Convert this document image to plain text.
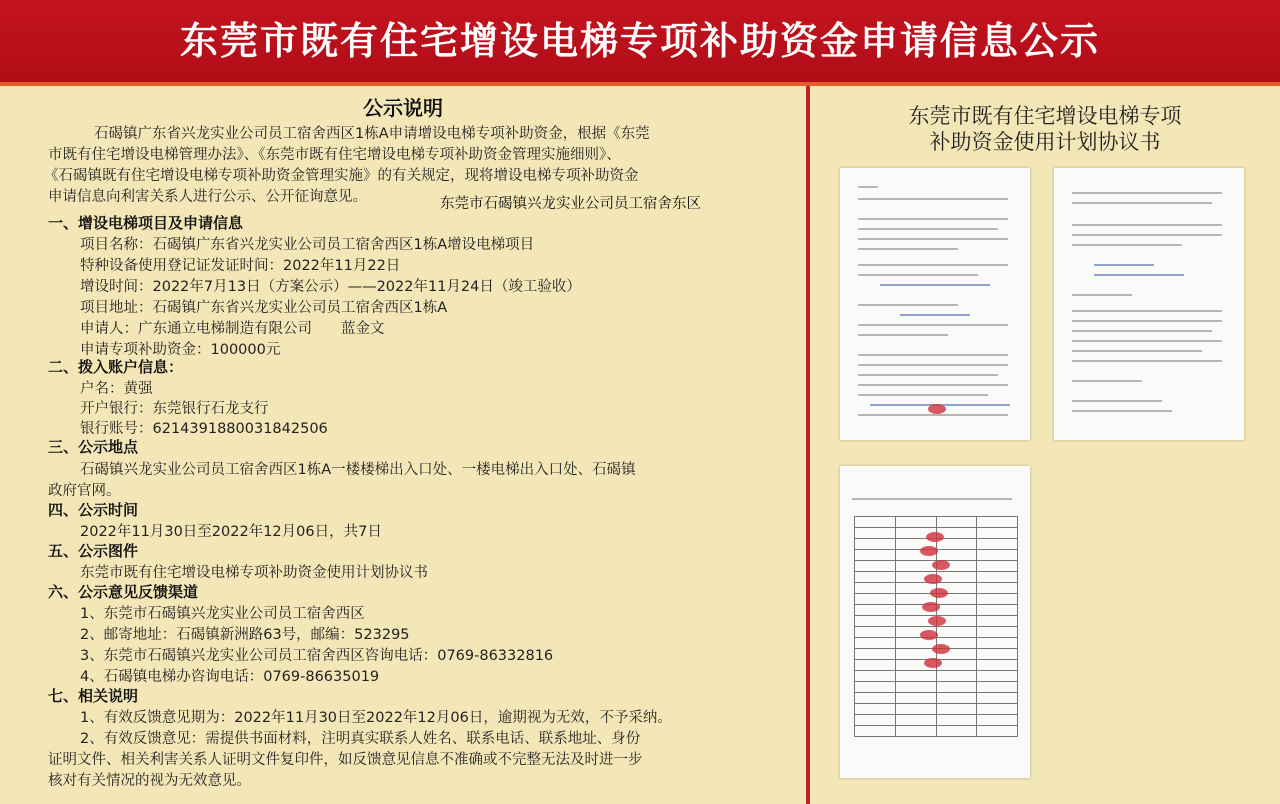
东莞市既有住宅增设电梯专项补助资金申请信息公示
公示说明
石碣镇广东省兴龙实业公司员工宿舍西区1栋A申请增设电梯专项补助资金，根据《东莞
市既有住宅增设电梯管理办法》、《东莞市既有住宅增设电梯专项补助资金管理实施细则》、
《石碣镇既有住宅增设电梯专项补助资金管理实施》的有关规定，现将增设电梯专项补助资金
申请信息向利害关系人进行公示、公开征询意见。	东莞市石碣镇兴龙实业公司员工宿舍东区
一、增设电梯项目及申请信息
项目名称：石碣镇广东省兴龙实业公司员工宿舍西区1栋A增设电梯项目
特种设备使用登记证发证时间：2022年11月22日
增设时间：2022年7月13日（方案公示）——2022年11月24日（竣工验收）
项目地址：石碣镇广东省兴龙实业公司员工宿舍西区1栋A
申请人：广东通立电梯制造有限公司　　蓝金文
申请专项补助资金：100000元
二、拨入账户信息：
户名：黄强
开户银行：东莞银行石龙支行
银行账号：6214391880031842506
三、公示地点
石碣镇兴龙实业公司员工宿舍西区1栋A一楼楼梯出入口处、一楼电梯出入口处、石碣镇
政府官网。
四、公示时间
2022年11月30日至2022年12月06日，共7日
五、公示图件
东莞市既有住宅增设电梯专项补助资金使用计划协议书
六、公示意见反馈渠道
1、东莞市石碣镇兴龙实业公司员工宿舍西区
2、邮寄地址：石碣镇新洲路63号，邮编：523295
3、东莞市石碣镇兴龙实业公司员工宿舍西区咨询电话：0769-86332816
4、石碣镇电梯办咨询电话：0769-86635019
七、相关说明
1、有效反馈意见期为：2022年11月30日至2022年12月06日，逾期视为无效，不予采纳。
2、有效反馈意见：需提供书面材料，注明真实联系人姓名、联系电话、联系地址、身份
证明文件、相关利害关系人证明文件复印件，如反馈意见信息不准确或不完整无法及时进一步
核对有关情况的视为无效意见。
东莞市既有住宅增设电梯专项
补助资金使用计划协议书
